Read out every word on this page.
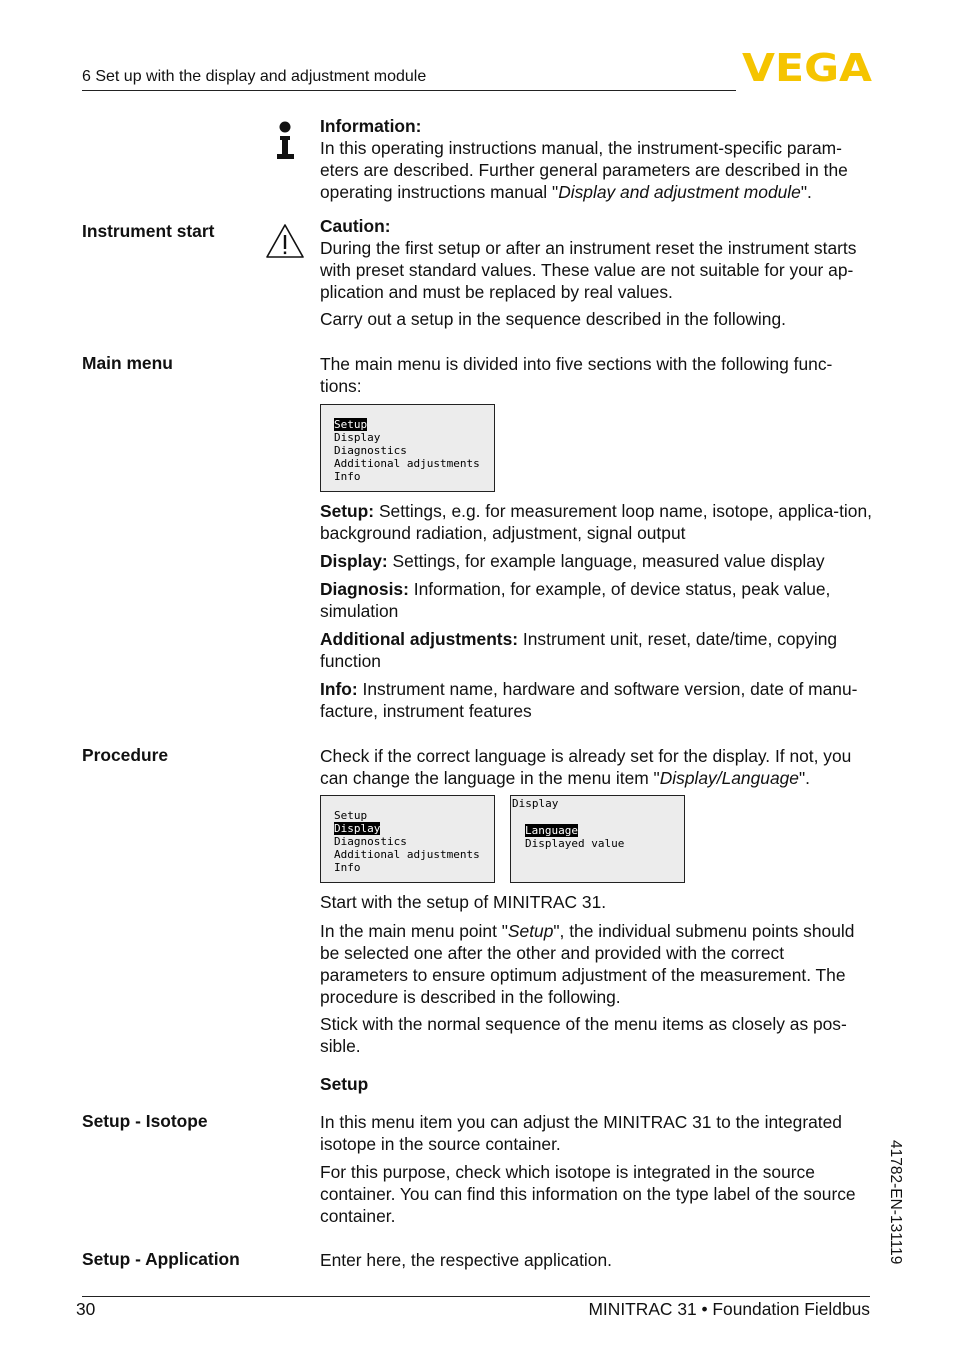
6 Set up with the display and adjustment module	VEGA
Information:
In this operating instructions manual, the instrument-specific param-eters are described. Further general parameters are described in the operating instructions manual "Display and adjustment module".
Instrument start	Caution:
During the first setup or after an instrument reset the instrument starts with preset standard values. These value are not suitable for your ap-plication and must be replaced by real values.
Carry out a setup in the sequence described in the following.
Main menu	The main menu is divided into five sections with the following func-tions:
Setup
Display
Diagnostics
Additional adjustments
Info
Setup: Settings, e.g. for measurement loop name, isotope, applica-tion, background radiation, adjustment, signal output
Display: Settings, for example language, measured value display
Diagnosis: Information, for example, of device status, peak value, simulation
Additional adjustments: Instrument unit, reset, date/time, copying function
Info: Instrument name, hardware and software version, date of manu-facture, instrument features
Procedure	Check if the correct language is already set for the display. If not, you can change the language in the menu item "Display/Language".
Setup
Display
Diagnostics
Additional adjustments
Info
Display
Language
Displayed value
Start with the setup of MINITRAC 31.
In the main menu point "Setup", the individual submenu points should be selected one after the other and provided with the correct parameters to ensure optimum adjustment of the measurement. The procedure is described in the following.
Stick with the normal sequence of the menu items as closely as pos-sible.
Setup
Setup - Isotope	In this menu item you can adjust the MINITRAC 31 to the integrated isotope in the source container.
For this purpose, check which isotope is integrated in the source container. You can find this information on the type label of the source container.
Setup - Application	Enter here, the respective application.	41782-EN-131119
30	MINITRAC 31 • Foundation Fieldbus
